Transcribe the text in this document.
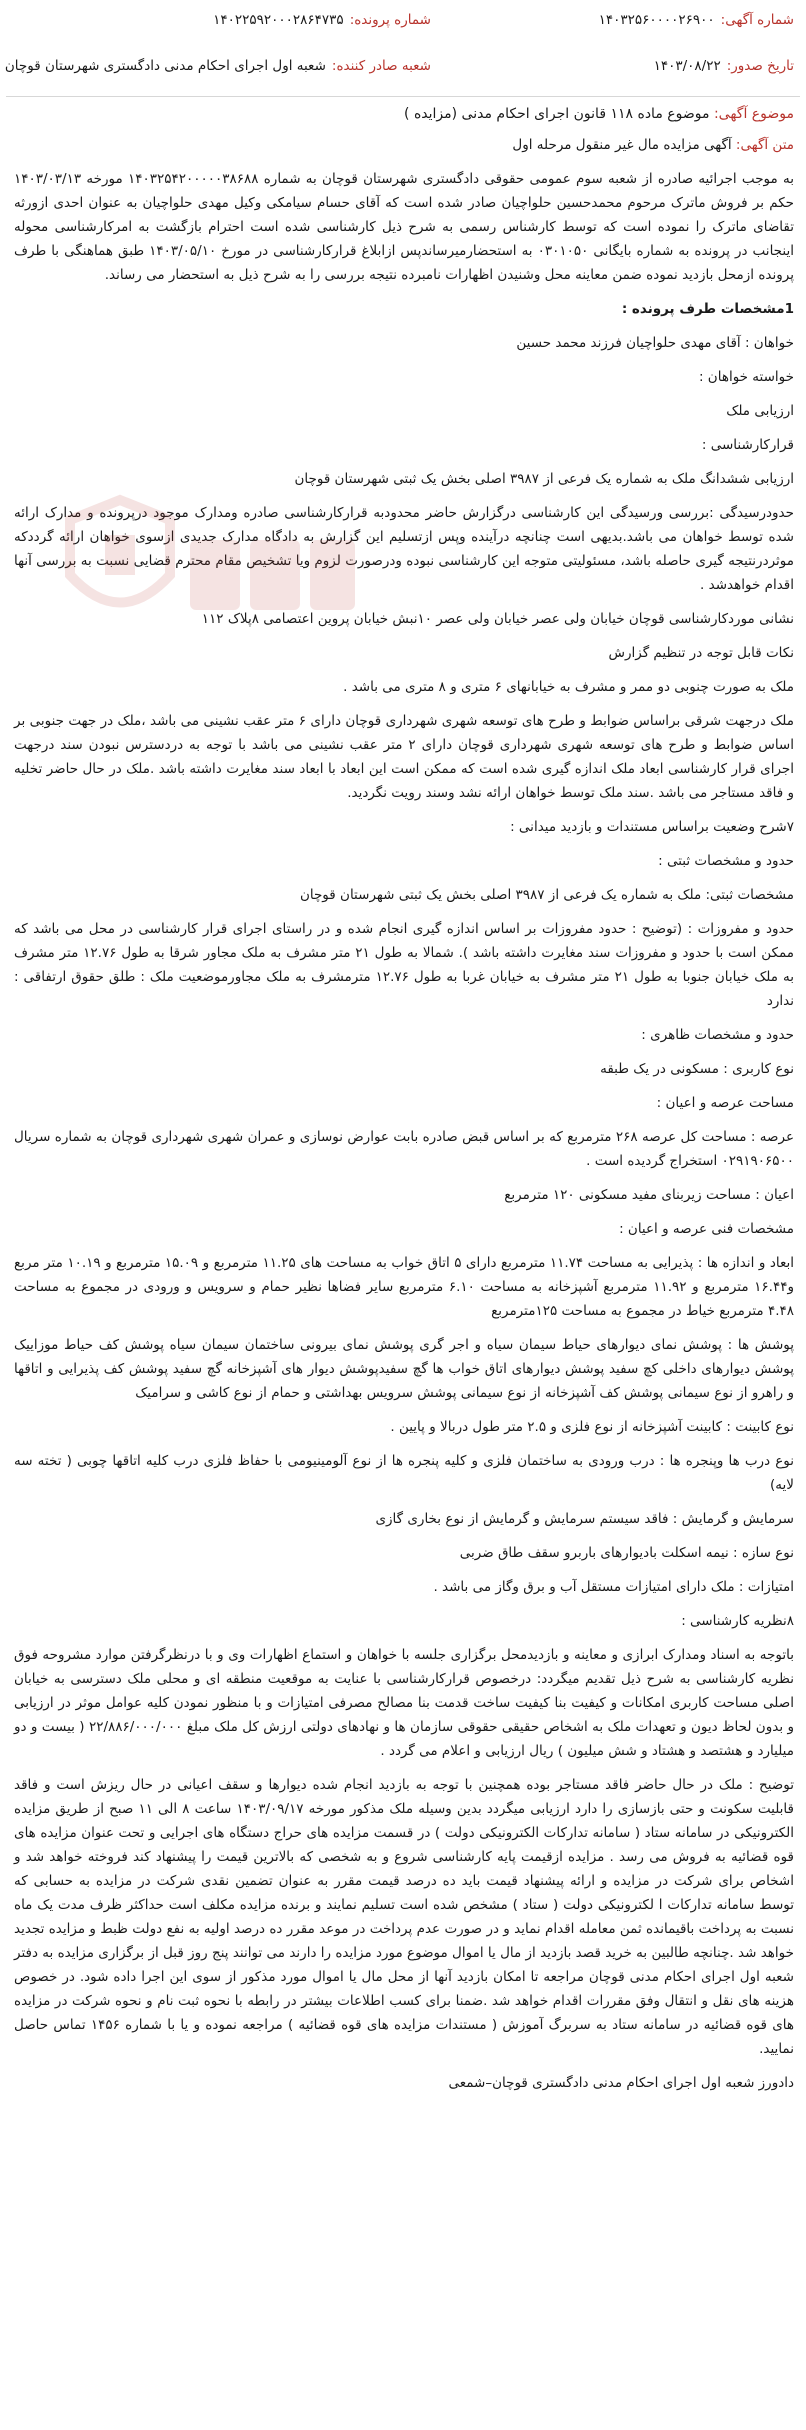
شماره آگهی:۱۴۰۳۲۵۶۰۰۰۰۲۶۹۰۰
شماره پرونده:۱۴۰۲۲۵۹۲۰۰۰۲۸۶۴۷۳۵
تاریخ صدور:۱۴۰۳/۰۸/۲۲
شعبه صادر کننده:شعبه اول اجرای احکام مدنی دادگستری شهرستان قوچان
موضوع آگهی: موضوع ماده ۱۱۸ قانون اجرای احکام مدنی (مزایده )

متن آگهی: آگهی مزایده مال غیر منقول مرحله اول

به موجب اجرائیه صادره از شعبه سوم عمومی حقوقی دادگستری شهرستان قوچان به شماره ۱۴۰۳۲۵۴۲۰۰۰۰۰۳۸۶۸۸ مورخه ۱۴۰۳/۰۳/۱۳ حکم بر فروش ماترک مرحوم محمدحسین حلواچیان صادر شده است که آقای حسام سیامکی وکیل مهدی حلواچیان به عنوان احدی ازورثه تقاضای ماترک را نموده است که توسط کارشناس رسمی به شرح ذیل کارشناسی شده است احترام بازگشت به امرکارشناسی محوله اینجانب در پرونده به شماره بایگانی ۰۳۰۱۰۵۰ به استحضارمیرساندپس ازابلاغ قرارکارشناسی در مورخ ۱۴۰۳/۰۵/۱۰ طبق هماهنگی با طرف پرونده ازمحل بازدید نموده ضمن معاینه محل وشنیدن اظهارات نامبرده نتیجه بررسی را به شرح ذیل به استحضار می رساند.

1مشخصات طرف پرونده :

خواهان : آقای مهدی حلواچیان فرزند محمد حسین

خواسته خواهان :

ارزیابی ملک

قرارکارشناسی :

ارزیابی ششدانگ ملک به شماره یک فرعی از ۳۹۸۷ اصلی بخش یک ثبتی شهرستان قوچان

حدودرسیدگی :بررسی ورسیدگی این کارشناسی درگزارش حاضر محدودبه قرارکارشناسی صادره ومدارک موجود درپرونده و مدارک ارائه شده توسط خواهان می باشد.بدیهی است چنانچه درآینده وپس ازتسلیم این گزارش به دادگاه مدارک جدیدی ازسوی خواهان ارائه گرددکه موثردرنتیجه گیری حاصله باشد، مسئولیتی متوجه این کارشناسی نبوده ودرصورت لزوم ویا تشخیص مقام محترم قضایی نسبت به بررسی آنها اقدام خواهدشد .

نشانی موردکارشناسی قوچان خیابان ولی عصر خیابان ولی عصر ۱۰نبش خیابان پروین اعتصامی ۸پلاک ۱۱۲

نکات قابل توجه در تنظیم گزارش

ملک به صورت چنوبی دو ممر و مشرف به خیابانهای ۶ متری و ۸ متری می باشد .

ملک درجهت شرقی براساس ضوابط و طرح های توسعه شهری شهرداری قوچان دارای ۶ متر عقب نشینی می باشد ،ملک در جهت جنوبی بر اساس ضوابط و طرح های توسعه شهری شهرداری قوچان دارای ۲ متر عقب نشینی می باشد با توجه به دردسترس نبودن سند درجهت اجرای قرار کارشناسی ابعاد ملک اندازه گیری شده است که ممکن است این ابعاد با ابعاد سند مغایرت داشته باشد .ملک در حال حاضر تخلیه و فاقد مستاجر می باشد .سند ملک توسط خواهان ارائه نشد وسند رویت نگردید.

۷شرح وضعیت براساس مستندات و بازدید میدانی :

حدود و مشخصات ثبتی :

مشخصات ثبتی: ملک به شماره یک فرعی از ۳۹۸۷ اصلی بخش یک ثبتی شهرستان قوچان

حدود و مفروزات : (توضیح : حدود مفروزات بر اساس اندازه گیری انجام شده و در راستای اجرای قرار کارشناسی در محل می باشد که ممکن است با حدود و مفروزات سند مغایرت داشته باشد ). شمالا به طول ۲۱ متر مشرف به ملک مجاور شرقا به طول ۱۲.۷۶ متر مشرف به ملک خیابان جنوبا به طول ۲۱ متر مشرف به خیابان غربا به طول ۱۲.۷۶ مترمشرف به ملک مجاورموضعیت ملک : طلق حقوق ارتفاقی : ندارد

حدود و مشخصات ظاهری :

نوع کاربری : مسکونی در یک طبقه

مساحت عرصه و اعیان :

عرصه : مساحت کل عرصه ۲۶۸ مترمربع که بر اساس قبض صادره بابت عوارض نوسازی و عمران شهری شهرداری قوچان به شماره سریال ۰۲۹۱۹۰۶۵۰۰ استخراج گردیده است .

اعیان : مساحت زیربنای مفید مسکونی ۱۲۰ مترمربع

مشخصات فنی عرصه و اعیان :

ابعاد و اندازه ها : پذیرایی به مساحت ۱۱.۷۴ مترمربع دارای ۵ اتاق خواب به مساحت های ۱۱.۲۵ مترمربع و ۱۵.۰۹ مترمربع و ۱۰.۱۹ متر مربع و۱۶.۴۴ مترمربع و ۱۱.۹۲ مترمربع آشپزخانه به مساحت ۶.۱۰ مترمربع سایر فضاها نظیر حمام و سرویس و ورودی در مجموع به مساحت ۴.۴۸ مترمربع خیاط در مجموع به مساحت ۱۲۵مترمربع

پوشش ها : پوشش نمای دیوارهای حیاط سیمان سیاه و اجر گری پوشش نمای بیرونی ساختمان سیمان سیاه پوشش کف حیاط موزاییک پوشش دیوارهای داخلی کچ سفید پوشش دیوارهای اتاق خواب ها گچ سفیدپوشش دیوار های آشپزخانه گچ سفید پوشش کف پذیرایی و اتاقها و راهرو از نوع سیمانی پوشش کف آشپزخانه از نوع سیمانی پوشش سرویس بهداشتی و حمام از نوع کاشی و سرامیک

نوع کابینت : کابینت آشپزخانه از نوع فلزی و ۲.۵ متر طول دربالا و پایین .

نوع درب ها وپنجره ها : درب ورودی به ساختمان فلزی و کلیه پنجره ها از نوع آلومینیومی با حفاظ فلزی درب کلیه اتاقها چوبی ( تخته سه لایه)

سرمایش و گرمایش : فاقد سیستم سرمایش و گرمایش از نوع بخاری گازی

نوع سازه : نیمه اسکلت بادیوارهای باربرو سقف طاق ضربی

امتیازات : ملک دارای امتیازات مستقل آب و برق وگاز می باشد .

۸نظریه کارشناسی :

باتوجه به اسناد ومدارک ابرازی و معاینه و بازدیدمحل برگزاری جلسه با خواهان و استماع اظهارات وی و با درنظرگرفتن موارد مشروحه فوق نظریه کارشناسی به شرح ذیل تقدیم میگردد: درخصوص قرارکارشناسی با عنایت به موقعیت منطقه ای و محلی ملک دسترسی به خیابان اصلی مساحت کاربری امکانات و کیفیت بنا کیفیت ساخت قدمت بنا مصالح مصرفی امتیازات و با منظور نمودن کلیه عوامل موثر در ارزیابی و بدون لحاظ دیون و تعهدات ملک به اشخاص حقیقی حقوقی سازمان ها و نهادهای دولتی ارزش کل ملک مبلغ ۲۲/۸۸۶/۰۰۰/۰۰۰ ( بیست و دو میلیارد و هشتصد و هشتاد و شش میلیون ) ریال ارزیابی و اعلام می گردد .

توضیح : ملک در حال حاضر فاقد مستاجر بوده همچنین با توجه به بازدید انجام شده دیوارها و سقف اعیانی در حال ریزش است و فاقد قابلیت سکونت و حتی بازسازی را دارد ارزیابی میگردد بدین وسیله ملک مذکور مورخه ۱۴۰۳/۰۹/۱۷ ساعت ۸ الی ۱۱ صبح از طریق مزایده الکترونیکی در سامانه ستاد ( سامانه تدارکات الکترونیکی دولت ) در قسمت مزایده های حراج دستگاه های اجرایی و تحت عنوان مزایده های قوه قضائیه به فروش می رسد . مزایده ازقیمت پایه کارشناسی شروع و به شخصی که بالاترین قیمت را پیشنهاد کند فروخته خواهد شد و اشخاص برای شرکت در مزایده و ارائه پیشنهاد قیمت باید ده درصد قیمت مقرر به عنوان تضمین نقدی شرکت در مزایده به حسابی که توسط سامانه تدارکات ا لکترونیکی دولت ( ستاد ) مشخص شده است تسلیم نمایند و برنده مزایده مکلف است حداکثر ظرف مدت یک ماه نسبت به پرداخت باقیمانده ثمن معامله اقدام نماید و در صورت عدم پرداخت در موعد مقرر ده درصد اولیه به نفع دولت ظبط و مزایده تجدید خواهد شد .چنانچه طالبین به خرید قصد بازدید از مال یا اموال موضوع مورد مزایده را دارند می توانند پنج روز قبل از برگزاری مزایده به دفتر شعبه اول اجرای احکام مدنی قوچان مراجعه تا امکان بازدید آنها از محل مال یا اموال مورد مذکور از سوی این اجرا داده شود. در خصوص هزینه های نقل و انتقال وفق مقررات اقدام خواهد شد .ضمنا برای کسب اطلاعات بیشتر در رابطه با نحوه ثبت نام و نحوه شرکت در مزایده های قوه قضائیه در سامانه ستاد به سربرگ آموزش ( مستندات مزایده های قوه قضائیه ) مراجعه نموده و یا با شماره ۱۴۵۶ تماس حاصل نمایید.

دادورز شعبه اول اجرای احکام مدنی دادگستری قوچان–شمعی
